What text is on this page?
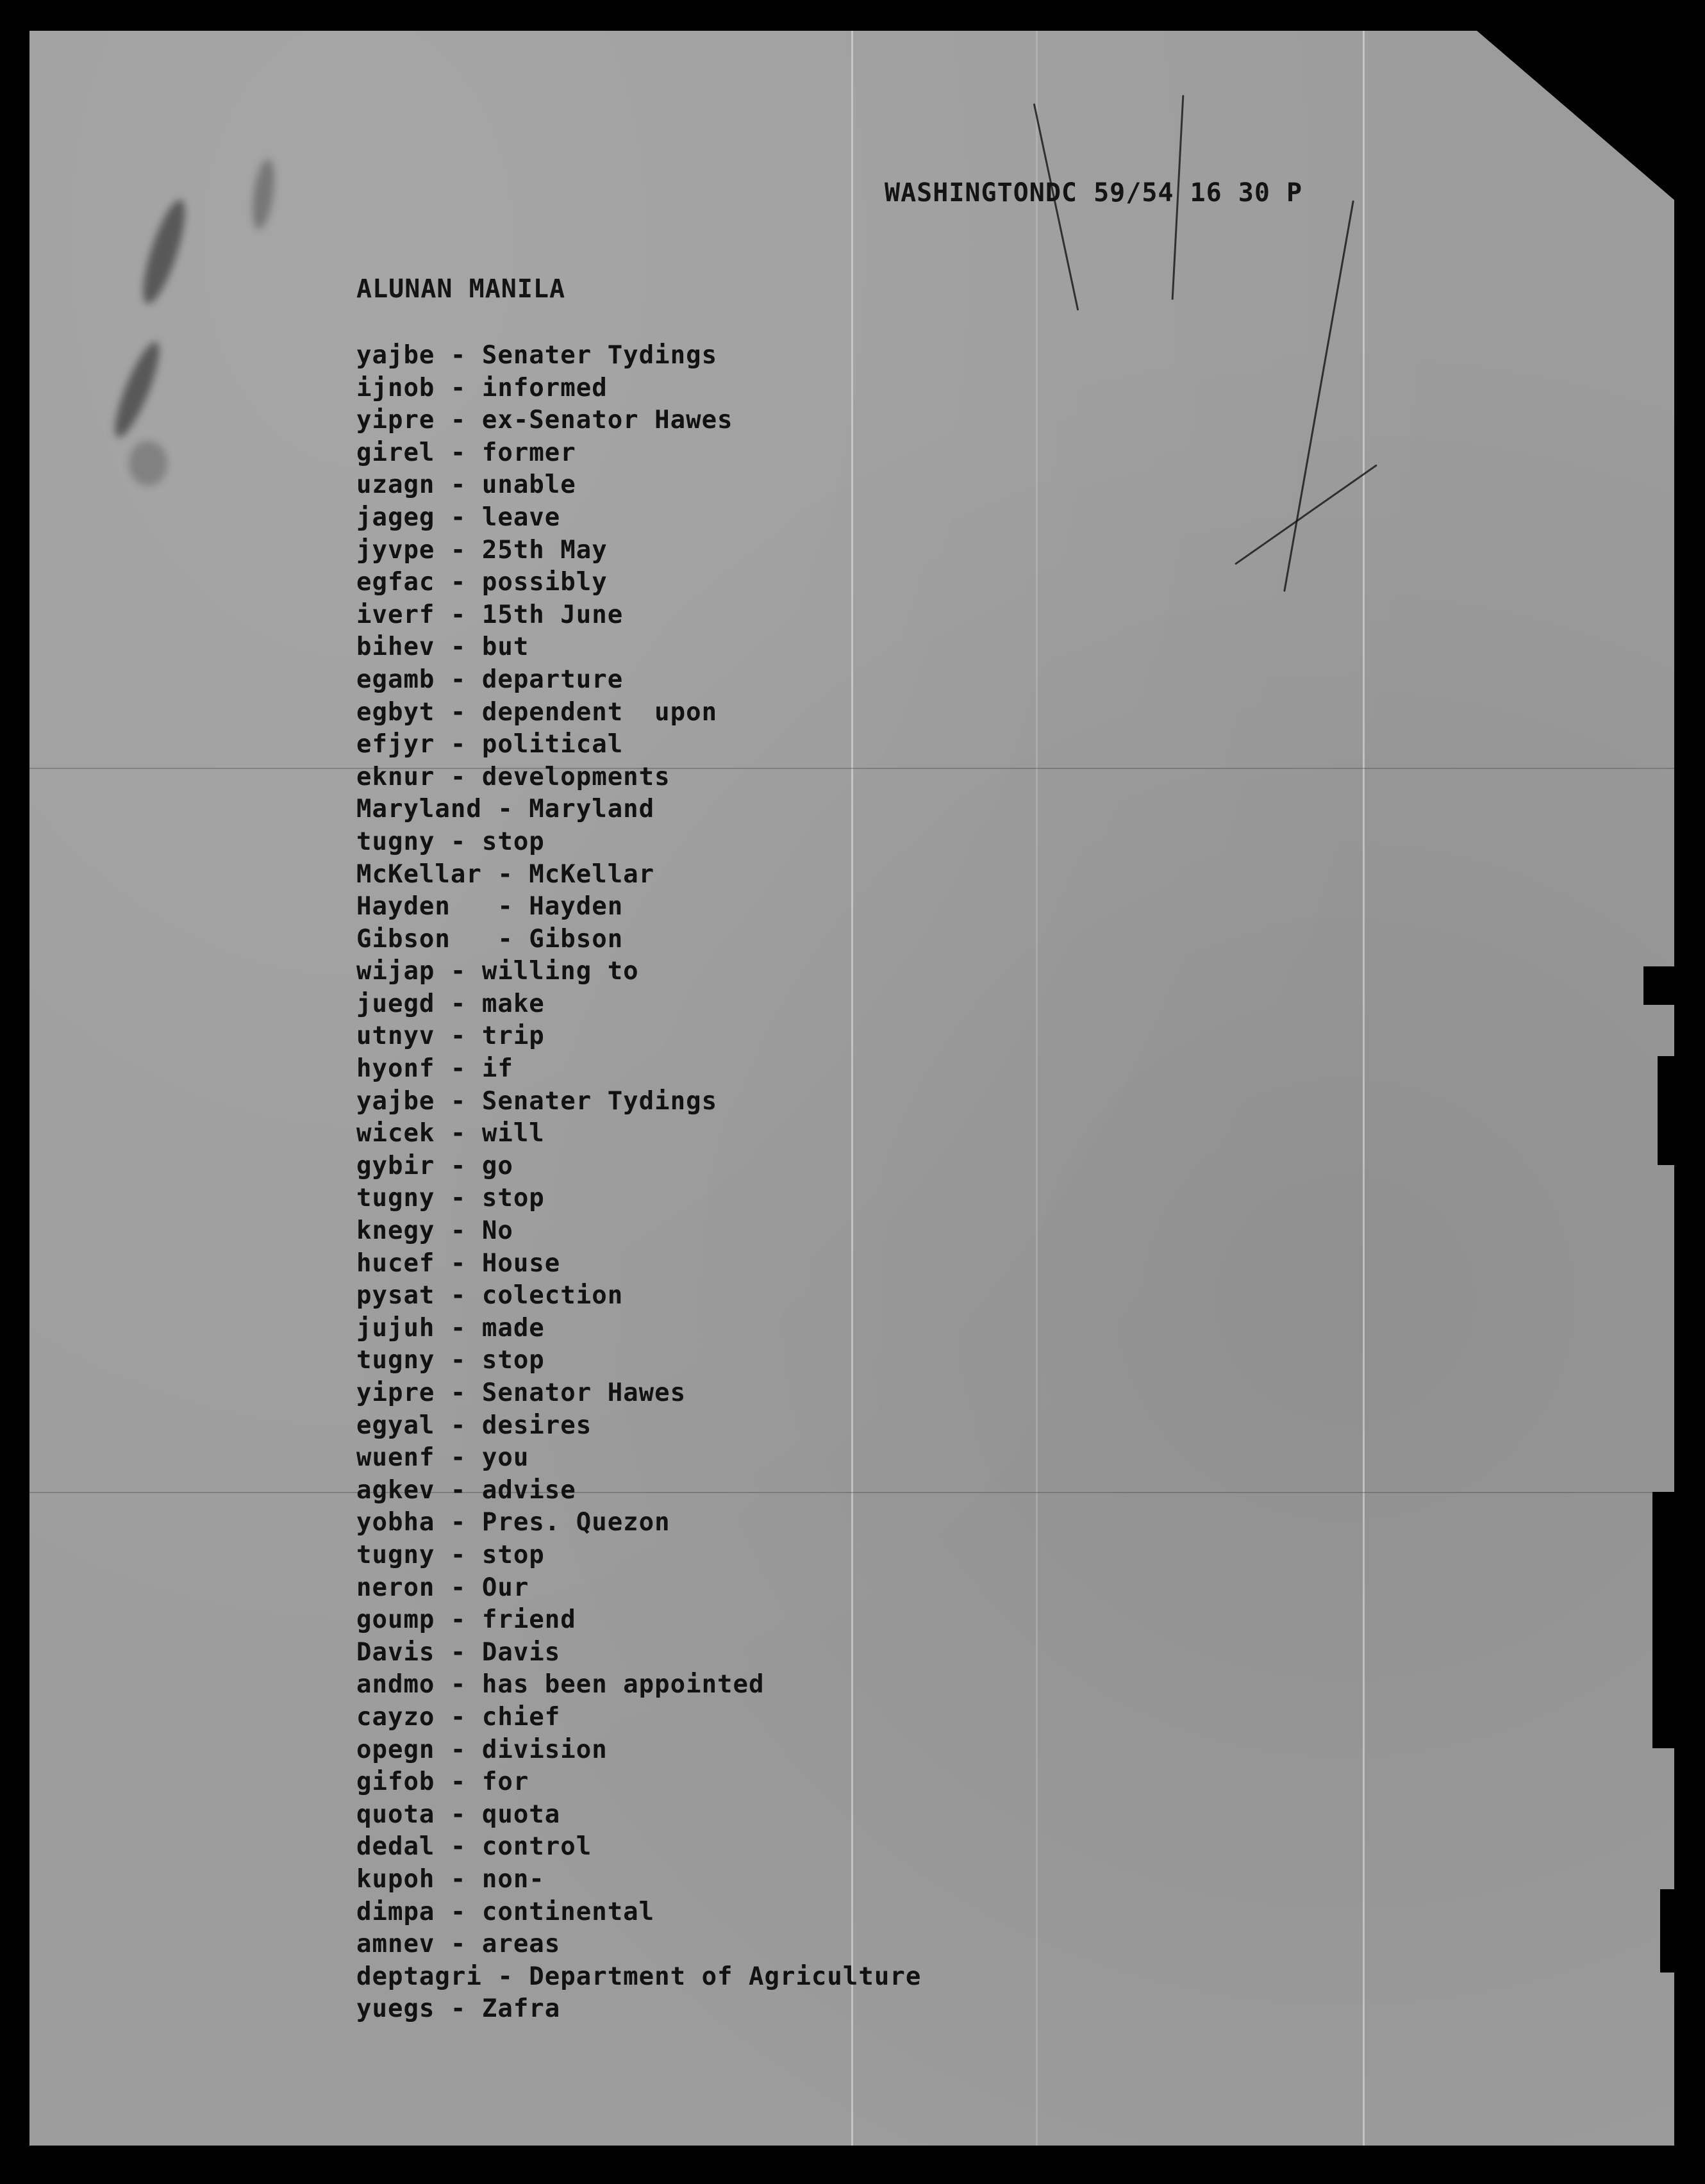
WASHINGTONDC 59/54 16 30 P
ALUNAN MANILA
yajbe - Senater Tydings
ijnob - informed
yipre - ex-Senator Hawes
girel - former
uzagn - unable
jageg - leave
jyvpe - 25th May
egfac - possibly
iverf - 15th June
bihev - but
egamb - departure
egbyt - dependent  upon
efjyr - political
eknur - developments
Maryland - Maryland
tugny - stop
McKellar - McKellar
Hayden   - Hayden
Gibson   - Gibson
wijap - willing to
juegd - make
utnyv - trip
hyonf - if
yajbe - Senater Tydings
wicek - will
gybir - go
tugny - stop
knegy - No
hucef - House
pysat - colection
jujuh - made
tugny - stop
yipre - Senator Hawes
egyal - desires
wuenf - you
agkev - advise
yobha - Pres. Quezon
tugny - stop
neron - Our
goump - friend
Davis - Davis
andmo - has been appointed
cayzo - chief
opegn - division
gifob - for
quota - quota
dedal - control
kupoh - non-
dimpa - continental
amnev - areas
deptagri - Department of Agriculture
yuegs - Zafra
